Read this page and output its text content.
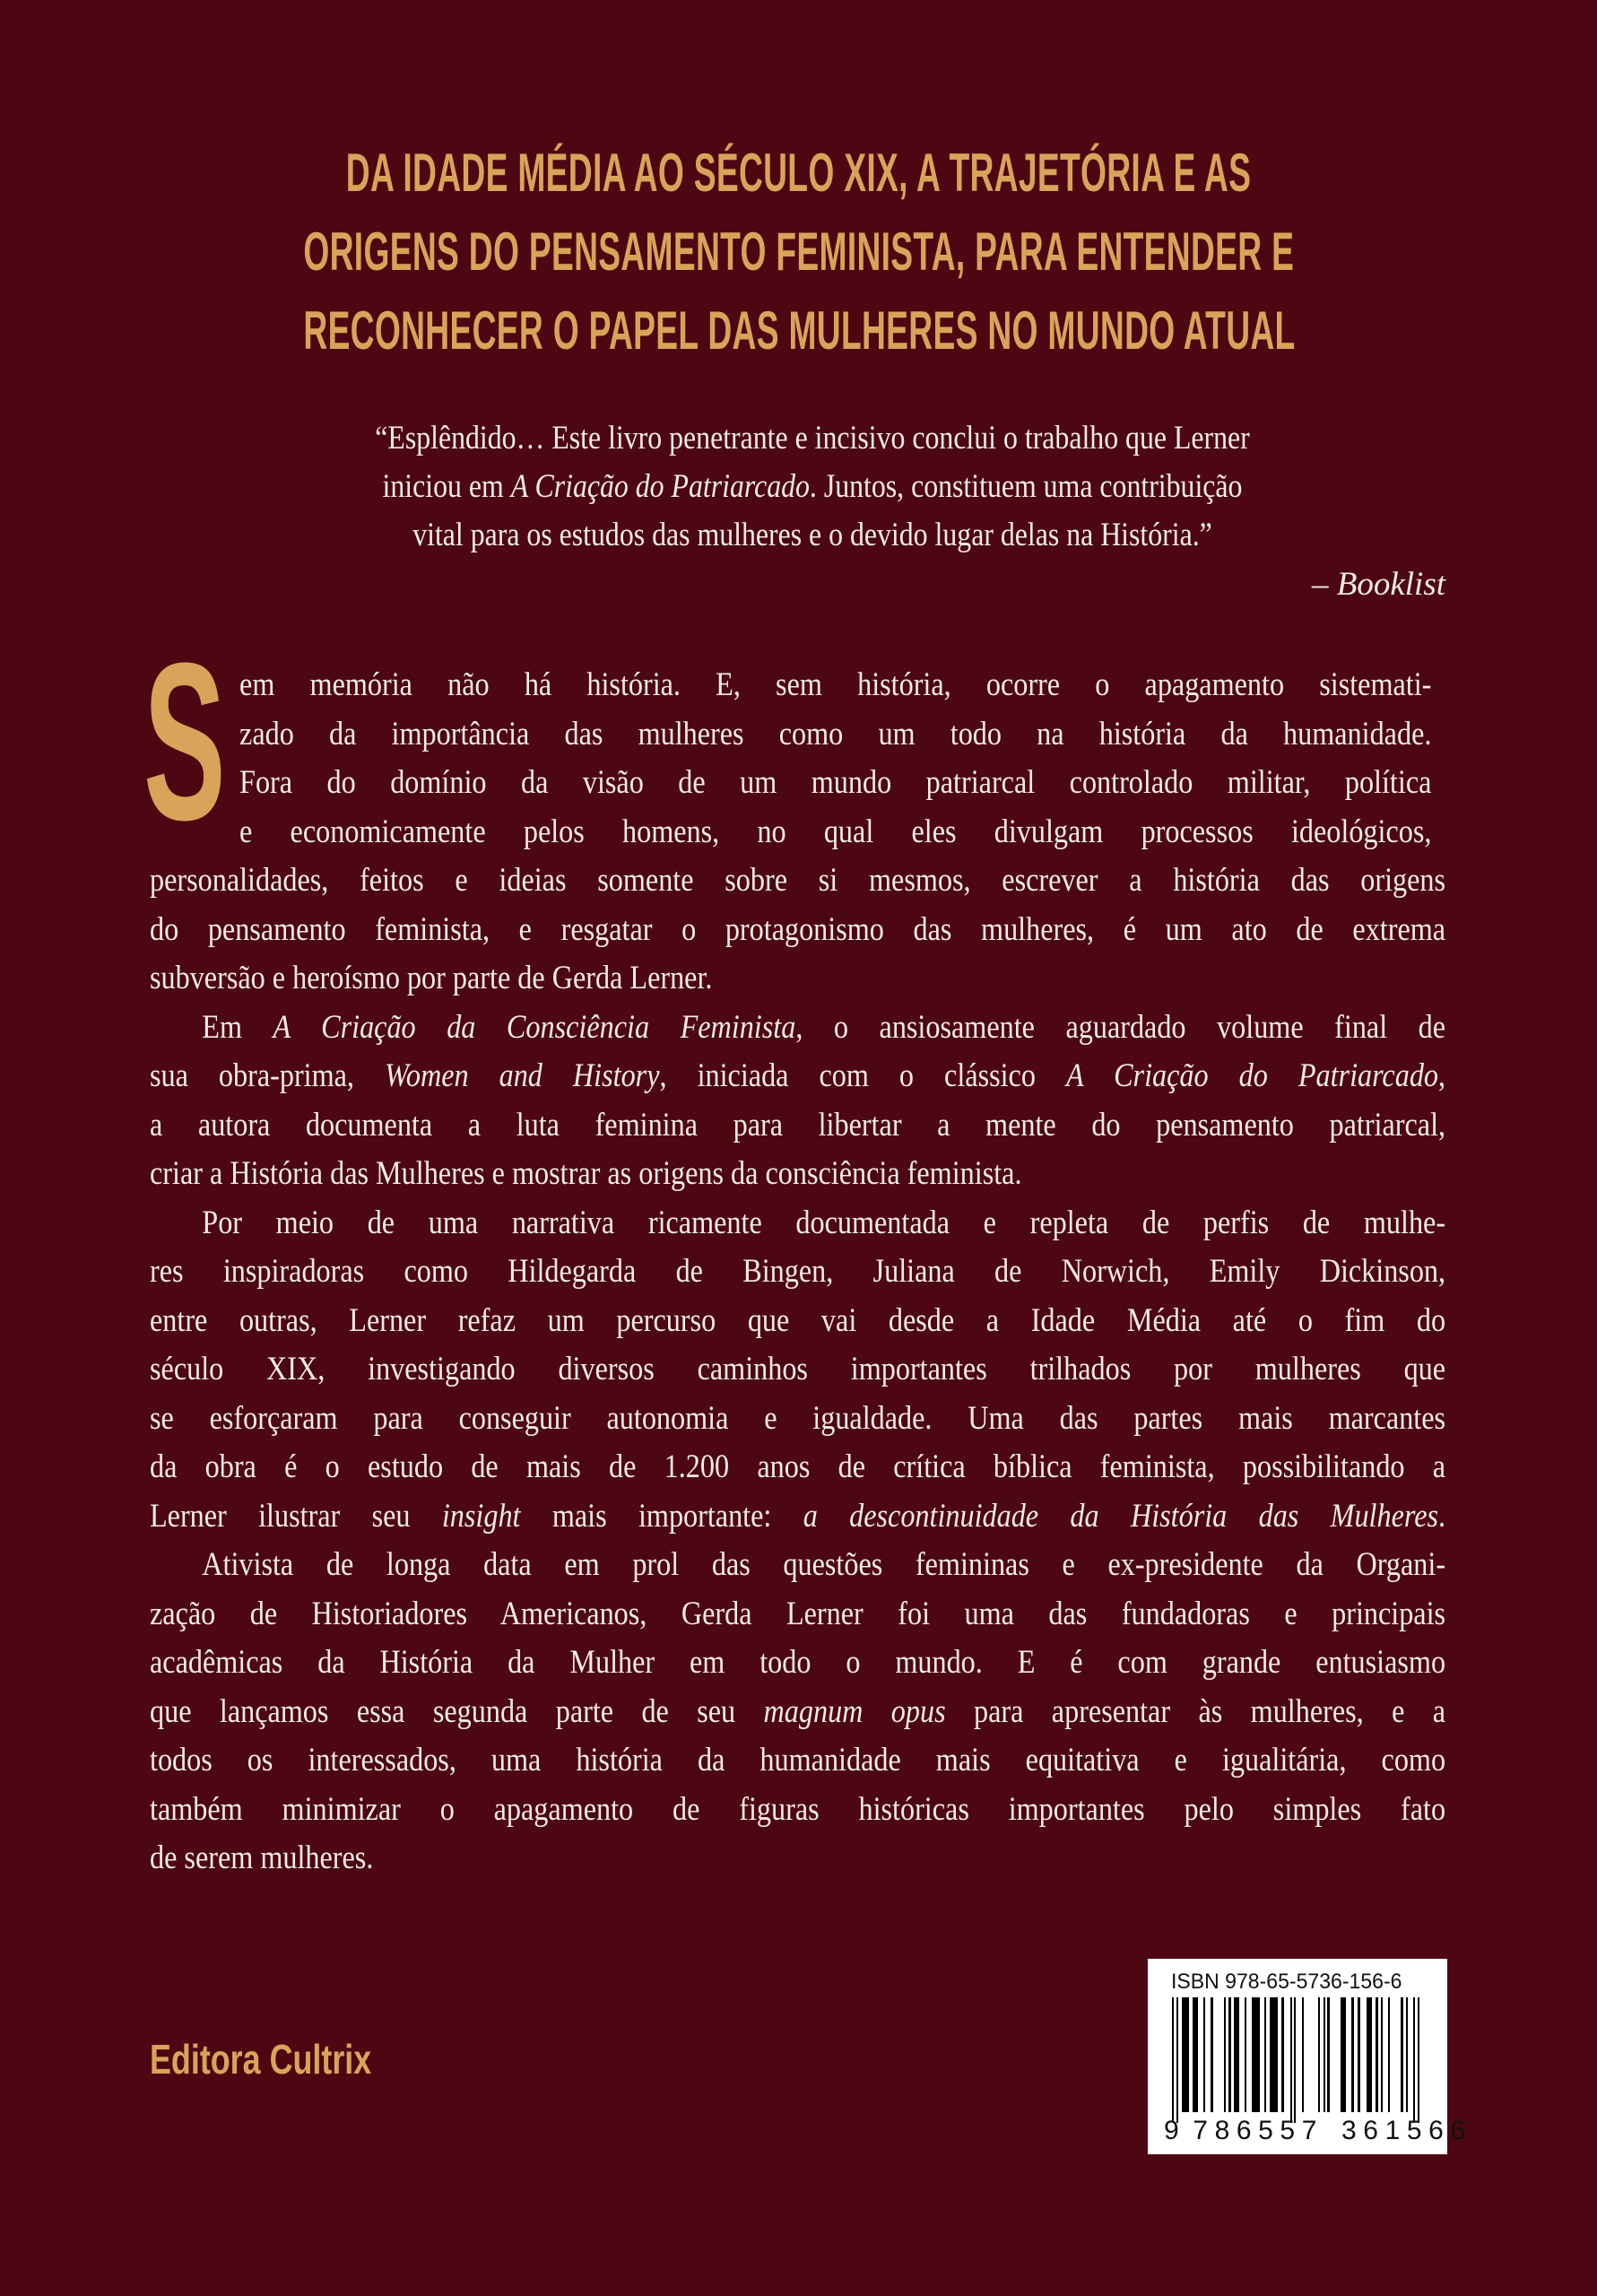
DA IDADE MÉDIA AO SÉCULO XIX, A TRAJETÓRIA E AS
ORIGENS DO PENSAMENTO FEMINISTA, PARA ENTENDER E
RECONHECER O PAPEL DAS MULHERES NO MUNDO ATUAL
“Esplêndido… Este livro penetrante e incisivo conclui o trabalho que Lerner
iniciou em A Criação do Patriarcado. Juntos, constituem uma contribuição
vital para os estudos das mulheres e o devido lugar delas na História.”
– Booklist
S em memória não há história. E, sem história, ocorre o apagamento sistemati-
zado da importância das mulheres como um todo na história da humanidade.
Fora do domínio da visão de um mundo patriarcal controlado militar, política
e economicamente pelos homens, no qual eles divulgam processos ideológicos,
personalidades, feitos e ideias somente sobre si mesmos, escrever a história das origens
do pensamento feminista, e resgatar o protagonismo das mulheres, é um ato de extrema
subversão e heroísmo por parte de Gerda Lerner.
Em A Criação da Consciência Feminista, o ansiosamente aguardado volume final de
sua obra-prima, Women and History, iniciada com o clássico A Criação do Patriarcado,
a autora documenta a luta feminina para libertar a mente do pensamento patriarcal,
criar a História das Mulheres e mostrar as origens da consciência feminista.
Por meio de uma narrativa ricamente documentada e repleta de perfis de mulhe-
res inspiradoras como Hildegarda de Bingen, Juliana de Norwich, Emily Dickinson,
entre outras, Lerner refaz um percurso que vai desde a Idade Média até o fim do
século XIX, investigando diversos caminhos importantes trilhados por mulheres que
se esforçaram para conseguir autonomia e igualdade. Uma das partes mais marcantes
da obra é o estudo de mais de 1.200 anos de crítica bíblica feminista, possibilitando a
Lerner ilustrar seu insight mais importante: a descontinuidade da História das Mulheres.
Ativista de longa data em prol das questões femininas e ex-presidente da Organi-
zação de Historiadores Americanos, Gerda Lerner foi uma das fundadoras e principais
acadêmicas da História da Mulher em todo o mundo. E é com grande entusiasmo
que lançamos essa segunda parte de seu magnum opus para apresentar às mulheres, e a
todos os interessados, uma história da humanidade mais equitativa e igualitária, como
também minimizar o apagamento de figuras históricas importantes pelo simples fato
de serem mulheres.
Editora Cultrix
ISBN 978-65-5736-156-6
9 786557 361566
